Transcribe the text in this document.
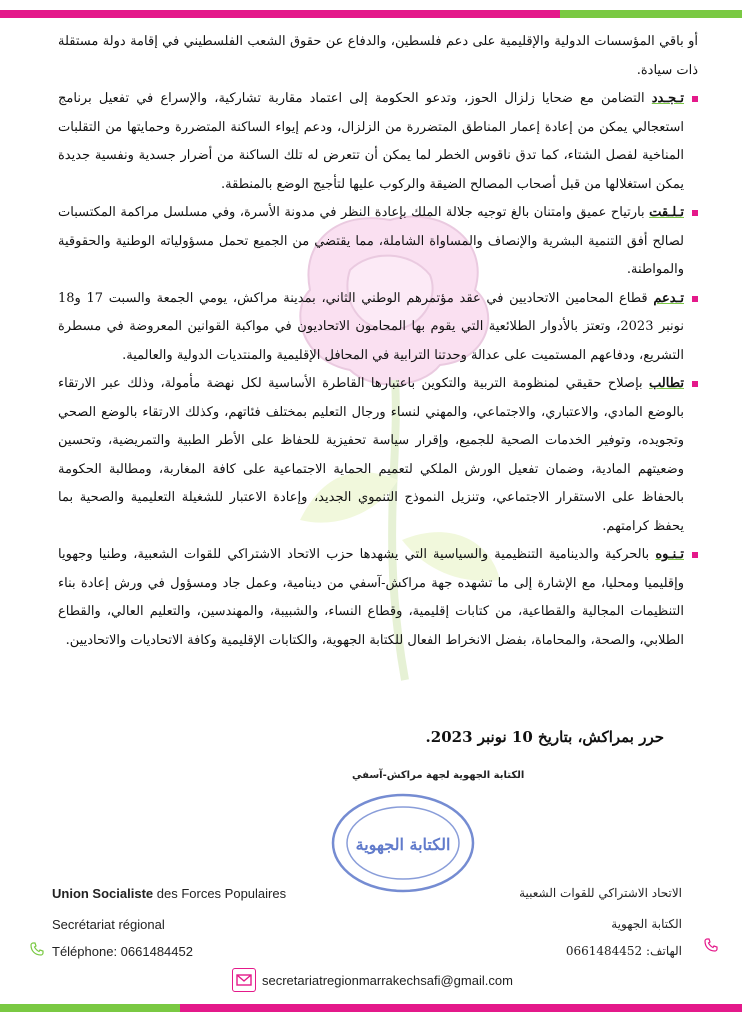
أو باقي المؤسسات الدولية والإقليمية على دعم فلسطين، والدفاع عن حقوق الشعب الفلسطيني في إقامة دولة مستقلة ذات سيادة.

تـجـدد التضامن مع ضحايا زلزال الحوز، وتدعو الحكومة إلى اعتماد مقاربة تشاركية، والإسراع في تفعيل برنامج استعجالي يمكن من إعادة إعمار المناطق المتضررة من الزلزال، ودعم إيواء الساكنة المتضررة وحمايتها من التقلبات المناخية لفصل الشتاء، كما تدق ناقوس الخطر لما يمكن أن تتعرض له تلك الساكنة من أضرار جسدية ونفسية جديدة يمكن استغلالها من قبل أصحاب المصالح الضيقة والركوب عليها لتأجيج الوضع بالمنطقة.

تـلـقت بارتياح عميق وامتنان بالغ توجيه جلالة الملك بإعادة النظر في مدونة الأسرة، وفي مسلسل مراكمة المكتسبات لصالح أفق التنمية البشرية والإنصاف والمساواة الشاملة، مما يقتضي من الجميع تحمل مسؤولياته الوطنية والحقوقية والمواطنة.

تـدعم قطاع المحامين الاتحاديين في عقد مؤتمرهم الوطني الثاني، بمدينة مراكش، يومي الجمعة والسبت 17 و18 نونبر 2023، وتعتز بالأدوار الطلائعية التي يقوم بها المحامون الاتحاديون في مواكبة القوانين المعروضة في مسطرة التشريع، ودفاعهم المستميت على عدالة وحدتنا الترابية في المحافل الإقليمية والمنتديات الدولية والعالمية.

تطالب بإصلاح حقيقي لمنظومة التربية والتكوين باعتبارها القاطرة الأساسية لكل نهضة مأمولة، وذلك عبر الارتقاء بالوضع المادي، والاعتباري، والاجتماعي، والمهني لنساء ورجال التعليم بمختلف فئاتهم، وكذلك الارتقاء بالوضع الصحي وتجويده، وتوفير الخدمات الصحية للجميع، وإقرار سياسة تحفيزية للحفاظ على الأطر الطبية والتمريضية، وتحسين وضعيتهم المادية، وضمان تفعيل الورش الملكي لتعميم الحماية الاجتماعية على كافة المغاربة، ومطالبة الحكومة بالحفاظ على الاستقرار الاجتماعي، وتنزيل النموذج التنموي الجديد، وإعادة الاعتبار للشغيلة التعليمية والصحية بما يحفظ كرامتهم.

تـنـوه بالحركية والدينامية التنظيمية والسياسية التي يشهدها حزب الاتحاد الاشتراكي للقوات الشعبية، وطنيا وجهويا وإقليميا ومحليا، مع الإشارة إلى ما تشهده جهة مراكش-آسفي من دينامية، وعمل جاد ومسؤول في ورش إعادة بناء التنظيمات المجالية والقطاعية، من كتابات إقليمية، وقطاع النساء، والشبيبة، والمهندسين، والتعليم العالي، والقطاع الطلابي، والصحة، والمحاماة، بفضل الانخراط الفعال للكتابة الجهوية، والكتابات الإقليمية وكافة الاتحاديات والاتحاديين.

حرر بمراكش، بتاريخ 10 نونبر 2023.
الكتابة الجهوية لجهة مراكش-آسفي
الكتابة الجهوية
Union Socialiste des Forces Populaires
Secrétariat régional
Téléphone: 0661484452
الاتحاد الاشتراكي للقوات الشعبية
الكتابة الجهوية
الهاتف: 0661484452
secretariatregionmarrakechsafi@gmail.com
